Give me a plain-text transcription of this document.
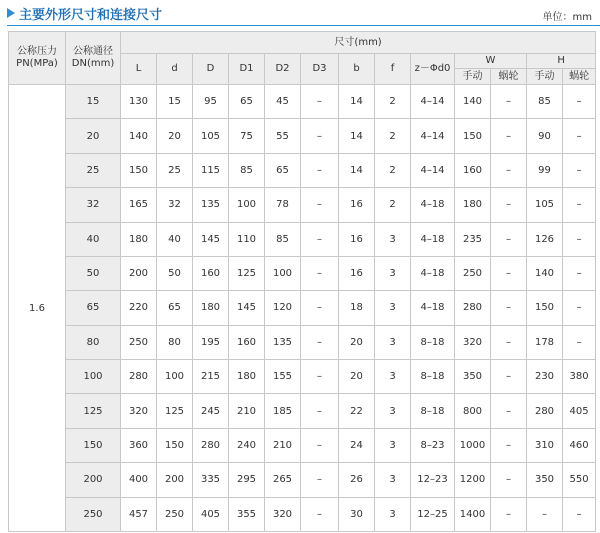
主要外形尺寸和连接尺寸	单位：mm
公称压力 PN(MPa)	公称通径 DN(mm)	尺寸(mm)												
		L	d	D	D1	D2	D3	b	f	z－Φd0	W		H	
											手动	蜗轮	手动	蜗轮
1.6	15	130	15	95	65	45	–	14	2	4–14	140	–	85	–
	20	140	20	105	75	55	–	14	2	4–14	150	–	90	–
	25	150	25	115	85	65	–	14	2	4–14	160	–	99	–
	32	165	32	135	100	78	–	16	2	4–18	180	–	105	–
	40	180	40	145	110	85	–	16	3	4–18	235	–	126	–
	50	200	50	160	125	100	–	16	3	4–18	250	–	140	–
	65	220	65	180	145	120	–	18	3	4–18	280	–	150	–
	80	250	80	195	160	135	–	20	3	8–18	320	–	178	–
	100	280	100	215	180	155	–	20	3	8–18	350	–	230	380
	125	320	125	245	210	185	–	22	3	8–18	800	–	280	405
	150	360	150	280	240	210	–	24	3	8–23	1000	–	310	460
	200	400	200	335	295	265	–	26	3	12–23	1200	–	350	550
	250	457	250	405	355	320	–	30	3	12–25	1400	–	–	–
